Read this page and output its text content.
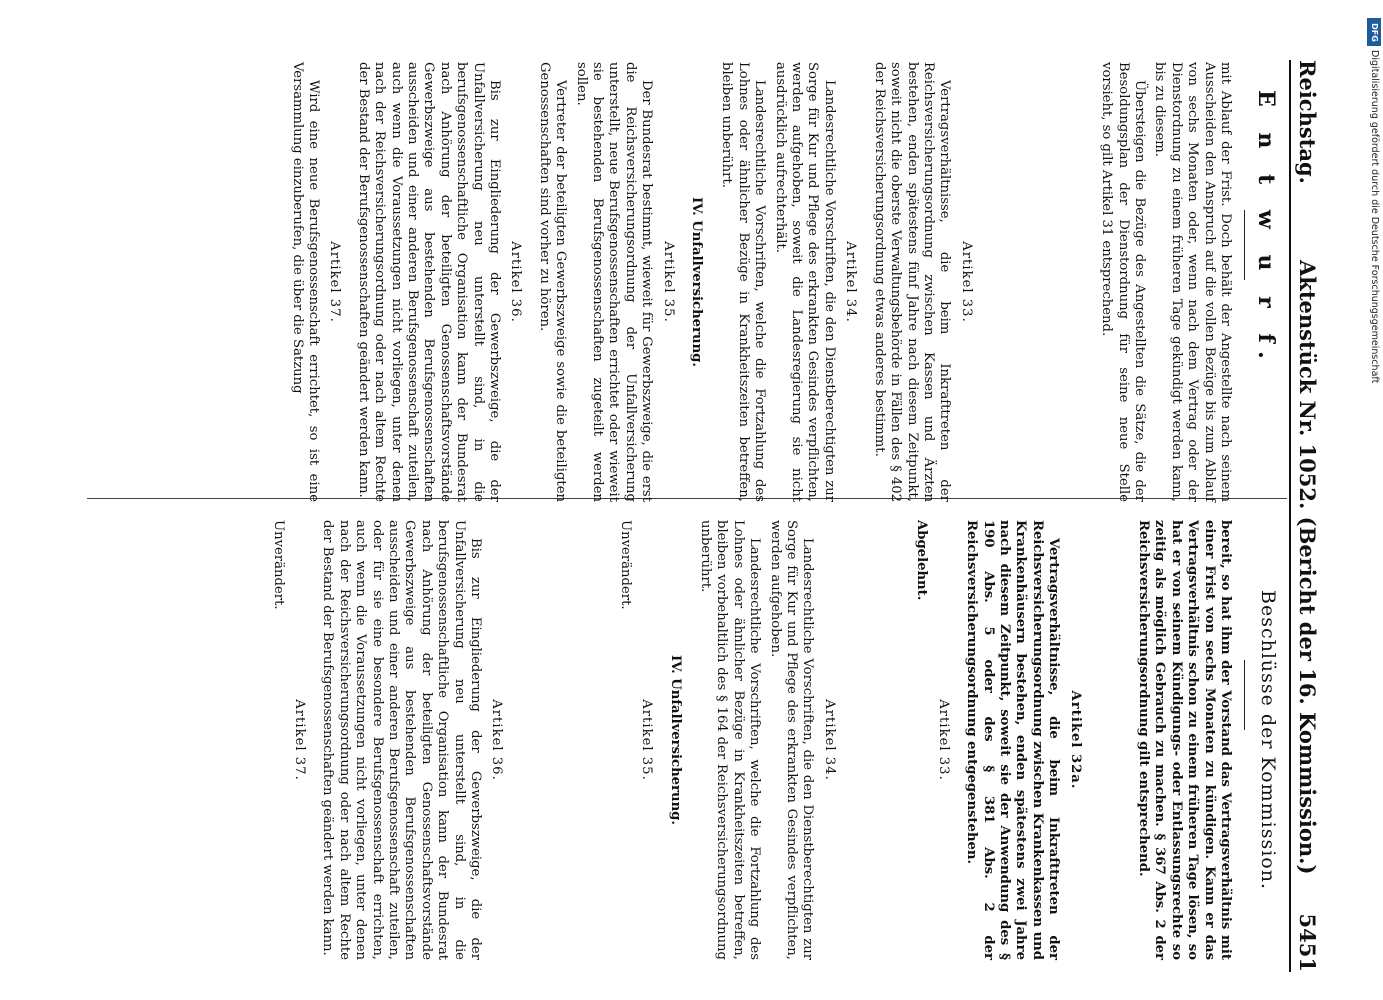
Reichstag.
Aktenstück Nr. 1052. (Bericht der 16. Kommission.)
5451
E n t w u r f.
Beschlüsse der Kommission.

mit Ablauf der Frist. Doch behält der Angestellte nach seinem Ausscheiden den Anspruch auf die vollen Bezüge bis zum Ablauf von sechs Monaten oder, wenn nach dem Vertrag oder der Dienstordnung zu einem früheren Tage gekündigt werden kann, bis zu diesem.

Übersteigen die Bezüge des Angestellten die Sätze, die der Besoldungsplan der Dienstordnung für seine neue Stelle vorsieht, so gilt Artikel 31 entsprechend.

Artikel 33.

Vertragsverhältnisse, die beim Inkrafttreten der Reichsversicherungsordnung zwischen Kassen und Ärzten bestehen, enden spätestens fünf Jahre nach diesem Zeitpunkt, soweit nicht die oberste Verwaltungsbehörde in Fällen des § 402 der Reichsversicherungsordnung etwas anderes bestimmt.

Artikel 34.

Landesrechtliche Vorschriften, die den Dienstberechtigten zur Sorge für Kur und Pflege des erkrankten Gesindes verpflichten, werden aufgehoben, soweit die Landesregierung sie nicht ausdrücklich aufrechterhält.

Landesrechtliche Vorschriften, welche die Fortzahlung des Lohnes oder ähnlicher Bezüge in Krankheitszeiten betreffen, bleiben unberührt.

IV. Unfallversicherung.
Artikel 35.

Der Bundesrat bestimmt, wieweit für Gewerbszweige, die erst die Reichsversicherungsordnung der Unfallversicherung unterstellt, neue Berufsgenossenschaften errichtet oder wieweit sie bestehenden Berufsgenossenschaften zugeteilt werden sollen.

Vertreter der beteiligten Gewerbszweige sowie die beteiligten Genossenschaften sind vorher zu hören.

Artikel 36.

Bis zur Eingliederung der Gewerbszweige, die der Unfallversicherung neu unterstellt sind, in die berufsgenossenschaftliche Organisation kann der Bundesrat nach Anhörung der beteiligten Genossenschaftsvorstände Gewerbszweige aus bestehenden Berufsgenossenschaften ausscheiden und einer anderen Berufsgenossenschaft zuteilen, auch wenn die Voraussetzungen nicht vorliegen, unter denen nach der Reichsversicherungsordnung oder nach altem Rechte der Bestand der Berufsgenossenschaften geändert werden kann.

Artikel 37.

Wird eine neue Berufsgenossenschaft errichtet, so ist eine Versammlung einzuberufen, die über die Satzung

bereit, so hat ihm der Vorstand das Vertragsverhältnis mit einer Frist von sechs Monaten zu kündigen. Kann er das Vertragsverhältnis schon zu einem früheren Tage lösen, so hat er von seinem Kündigungs- oder Entlassungsrechte so zeitig als möglich Gebrauch zu machen. § 367 Abs. 2 der Reichsversicherungsordnung gilt entsprechend.

Artikel 32a.

Vertragsverhältnisse, die beim Inkrafttreten der Reichsversicherungsordnung zwischen Krankenkassen und Krankenhäusern bestehen, enden spätestens zwei Jahre nach diesem Zeitpunkt, soweit sie der Anwendung des § 190 Abs. 5 oder des § 381 Abs. 2 der Reichsversicherungsordnung entgegenstehen.

Artikel 33.

Abgelehnt.

Artikel 34.

Landesrechtliche Vorschriften, die den Dienstberechtigten zur Sorge für Kur und Pflege des erkrankten Gesindes verpflichten, werden aufgehoben.

Landesrechtliche Vorschriften, welche die Fortzahlung des Lohnes oder ähnlicher Bezüge in Krankheitszeiten betreffen, bleiben vorbehaltlich des § 164 der Reichsversicherungsordnung unberührt.

IV. Unfallversicherung.
Artikel 35.

Unverändert.

Artikel 36.

Bis zur Eingliederung der Gewerbszweige, die der Unfallversicherung neu unterstellt sind, in die berufsgenossenschaftliche Organisation kann der Bundesrat nach Anhörung der beteiligten Genossenschaftsvorstände Gewerbszweige aus bestehenden Berufsgenossenschaften ausscheiden und einer anderen Berufsgenossenschaft zuteilen, oder für sie eine besondere Berufsgenossenschaft errichten, auch wenn die Voraussetzungen nicht vorliegen, unter denen nach der Reichsversicherungsordnung oder nach altem Rechte der Bestand der Berufsgenossenschaften geändert werden kann.

Artikel 37.

Unverändert.

DFG
Digitalisierung gefördert durch die Deutsche Forschungsgemeinschaft
